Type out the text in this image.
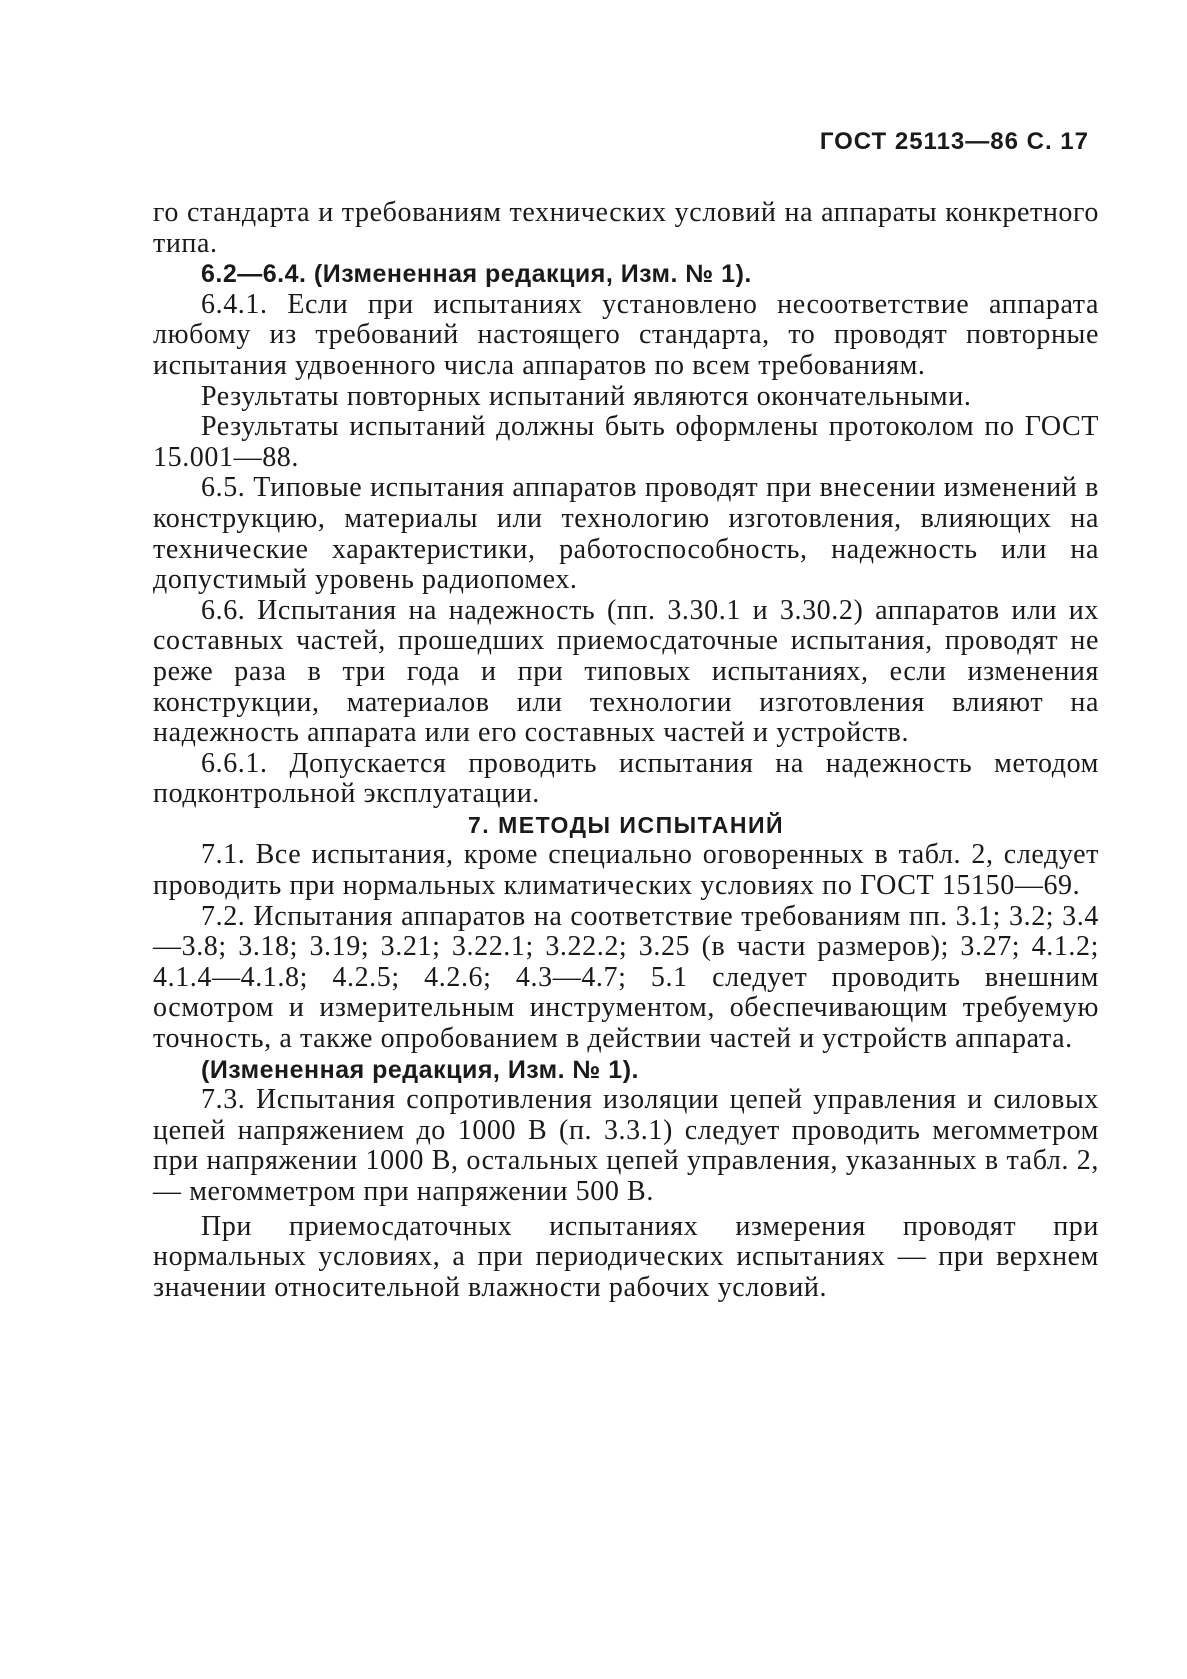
ГОСТ 25113—86 С. 17

го стандарта и требованиям технических условий на аппараты конкретного типа.

6.2—6.4. (Измененная редакция, Изм. № 1).

6.4.1. Если при испытаниях установлено несоответствие аппарата любому из требований настоящего стандарта, то проводят повторные испытания удвоенного числа аппаратов по всем требованиям.

Результаты повторных испытаний являются окончательными.

Результаты испытаний должны быть оформлены протоколом по ГОСТ 15.001—88.

6.5. Типовые испытания аппаратов проводят при внесении изменений в конструкцию, материалы или технологию изготовления, влияющих на технические характеристики, работоспособность, надежность или на допустимый уровень радиопомех.

6.6. Испытания на надежность (пп. 3.30.1 и 3.30.2) аппаратов или их составных частей, прошедших приемосдаточные испытания, проводят не реже раза в три года и при типовых испытаниях, если изменения конструкции, материалов или технологии изготовления влияют на надежность аппарата или его составных частей и устройств.

6.6.1. Допускается проводить испытания на надежность методом подконтрольной эксплуатации.

7. МЕТОДЫ ИСПЫТАНИЙ

7.1. Все испытания, кроме специально оговоренных в табл. 2, следует проводить при нормальных климатических условиях по ГОСТ 15150—69.

7.2. Испытания аппаратов на соответствие требованиям пп. 3.1; 3.2; 3.4—3.8; 3.18; 3.19; 3.21; 3.22.1; 3.22.2; 3.25 (в части размеров); 3.27; 4.1.2; 4.1.4—4.1.8; 4.2.5; 4.2.6; 4.3—4.7; 5.1 следует проводить внешним осмотром и измерительным инструментом, обеспечивающим требуемую точность, а также опробованием в действии частей и устройств аппарата.

(Измененная редакция, Изм. № 1).

7.3. Испытания сопротивления изоляции цепей управления и силовых цепей напряжением до 1000 В (п. 3.3.1) следует проводить мегомметром при напряжении 1000 В, остальных цепей управления, указанных в табл. 2, — мегомметром при напряжении 500 В.

При приемосдаточных испытаниях измерения проводят при нормальных условиях, а при периодических испытаниях — при верхнем значении относительной влажности рабочих условий.
